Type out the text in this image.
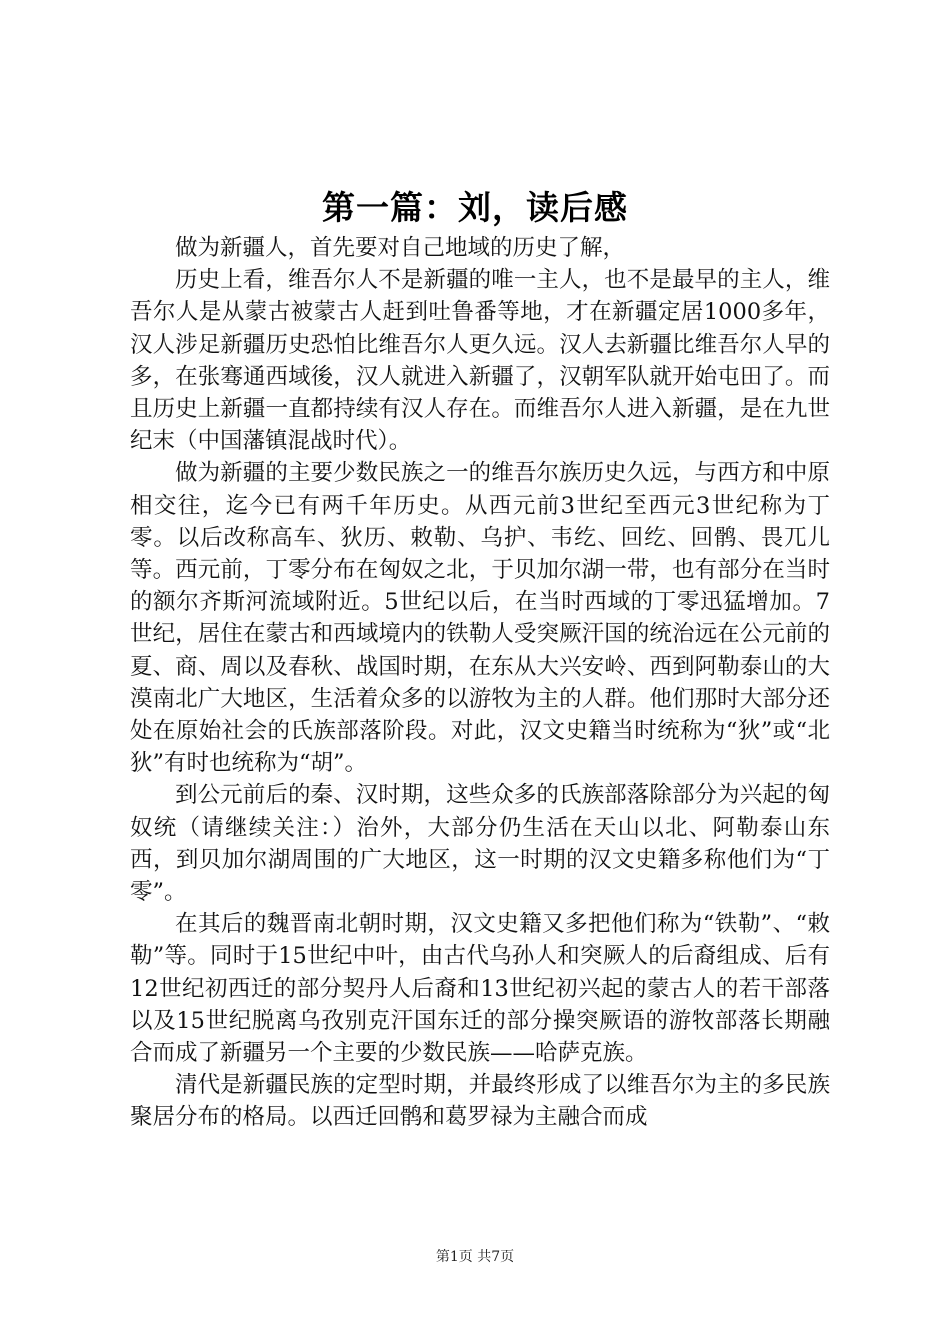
第一篇：刘，读后感

做为新疆人，首先要对自己地域的历史了解，

历史上看，维吾尔人不是新疆的唯一主人，也不是最早的主人，维吾尔人是从蒙古被蒙古人赶到吐鲁番等地，才在新疆定居1000多年，汉人涉足新疆历史恐怕比维吾尔人更久远。汉人去新疆比维吾尔人早的多，在张骞通西域後，汉人就进入新疆了，汉朝军队就开始屯田了。而且历史上新疆一直都持续有汉人存在。而维吾尔人进入新疆，是在九世纪末（中国藩镇混战时代）。

做为新疆的主要少数民族之一的维吾尔族历史久远，与西方和中原相交往，迄今已有两千年历史。从西元前3世纪至西元3世纪称为丁零。以后改称高车、狄历、敕勒、乌护、韦纥、回纥、回鹘、畏兀儿等。西元前，丁零分布在匈奴之北，于贝加尔湖一带，也有部分在当时的额尔齐斯河流域附近。5世纪以后，在当时西域的丁零迅猛增加。7世纪，居住在蒙古和西域境内的铁勒人受突厥汗国的统治远在公元前的夏、商、周以及春秋、战国时期，在东从大兴安岭、西到阿勒泰山的大漠南北广大地区，生活着众多的以游牧为主的人群。他们那时大部分还处在原始社会的氏族部落阶段。对此，汉文史籍当时统称为“狄”或“北狄”有时也统称为“胡”。

到公元前后的秦、汉时期，这些众多的氏族部落除部分为兴起的匈奴统（请继续关注：）治外，大部分仍生活在天山以北、阿勒泰山东西，到贝加尔湖周围的广大地区，这一时期的汉文史籍多称他们为“丁零”。

在其后的魏晋南北朝时期，汉文史籍又多把他们称为“铁勒”、“敕勒”等。同时于15世纪中叶，由古代乌孙人和突厥人的后裔组成、后有12世纪初西迁的部分契丹人后裔和13世纪初兴起的蒙古人的若干部落以及15世纪脱离乌孜别克汗国东迁的部分操突厥语的游牧部落长期融合而成了新疆另一个主要的少数民族——哈萨克族。

清代是新疆民族的定型时期，并最终形成了以维吾尔为主的多民族聚居分布的格局。以西迁回鹘和葛罗禄为主融合而成

第1页 共7页
